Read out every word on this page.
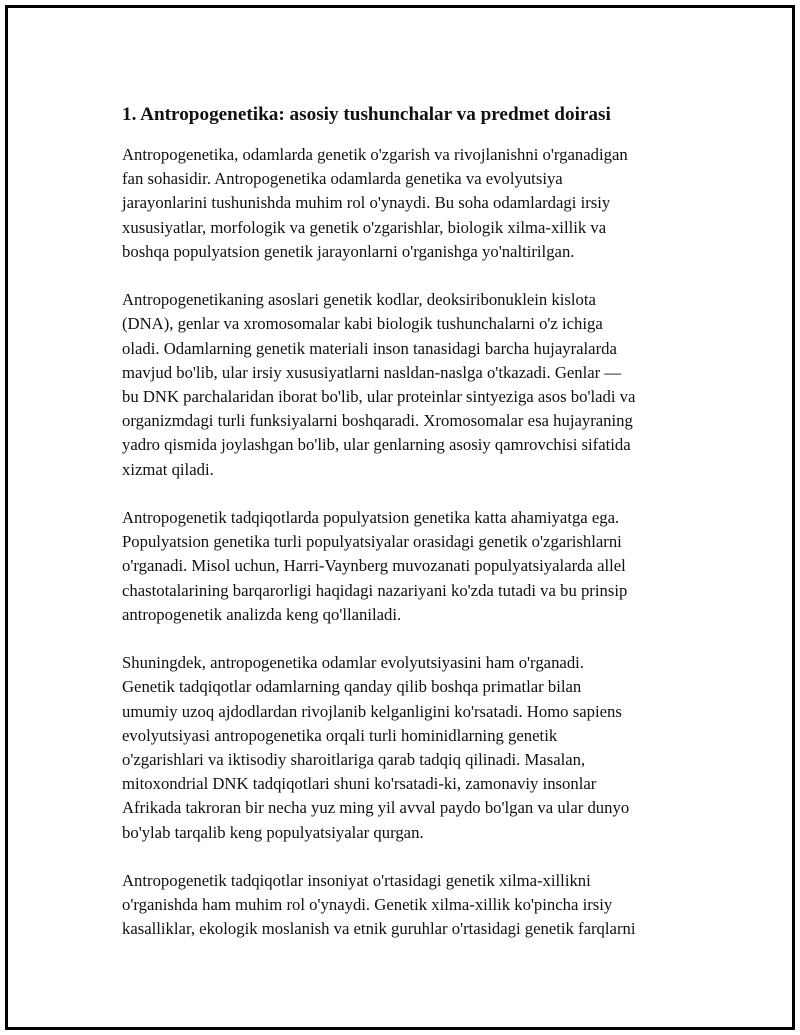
1. Antropogenetika: asosiy tushunchalar va predmet doirasi
Antropogenetika, odamlarda genetik o'zgarish va rivojlanishni o'rganadigan
fan sohasidir. Antropogenetika odamlarda genetika va evolyutsiya
jarayonlarini tushunishda muhim rol o'ynaydi. Bu soha odamlardagi irsiy
xususiyatlar, morfologik va genetik o'zgarishlar, biologik xilma-xillik va
boshqa populyatsion genetik jarayonlarni o'rganishga yo'naltirilgan.
Antropogenetikaning asoslari genetik kodlar, deoksiribonuklein kislota
(DNA), genlar va xromosomalar kabi biologik tushunchalarni o'z ichiga
oladi. Odamlarning genetik materiali inson tanasidagi barcha hujayralarda
mavjud bo'lib, ular irsiy xususiyatlarni nasldan-naslga o'tkazadi. Genlar —
bu DNK parchalaridan iborat bo'lib, ular proteinlar sintyeziga asos bo'ladi va
organizmdagi turli funksiyalarni boshqaradi. Xromosomalar esa hujayraning
yadro qismida joylashgan bo'lib, ular genlarning asosiy qamrovchisi sifatida
xizmat qiladi.
Antropogenetik tadqiqotlarda populyatsion genetika katta ahamiyatga ega.
Populyatsion genetika turli populyatsiyalar orasidagi genetik o'zgarishlarni
o'rganadi. Misol uchun, Harri-Vaynberg muvozanati populyatsiyalarda allel
chastotalarining barqarorligi haqidagi nazariyani ko'zda tutadi va bu prinsip
antropogenetik analizda keng qo'llaniladi.
Shuningdek, antropogenetika odamlar evolyutsiyasini ham o'rganadi.
Genetik tadqiqotlar odamlarning qanday qilib boshqa primatlar bilan
umumiy uzoq ajdodlardan rivojlanib kelganligini ko'rsatadi. Homo sapiens
evolyutsiyasi antropogenetika orqali turli hominidlarning genetik
o'zgarishlari va iktisodiy sharoitlariga qarab tadqiq qilinadi. Masalan,
mitoxondrial DNK tadqiqotlari shuni ko'rsatadi-ki, zamonaviy insonlar
Afrikada takroran bir necha yuz ming yil avval paydo bo'lgan va ular dunyo
bo'ylab tarqalib keng populyatsiyalar qurgan.
Antropogenetik tadqiqotlar insoniyat o'rtasidagi genetik xilma-xillikni
o'rganishda ham muhim rol o'ynaydi. Genetik xilma-xillik ko'pincha irsiy
kasalliklar, ekologik moslanish va etnik guruhlar o'rtasidagi genetik farqlarni
